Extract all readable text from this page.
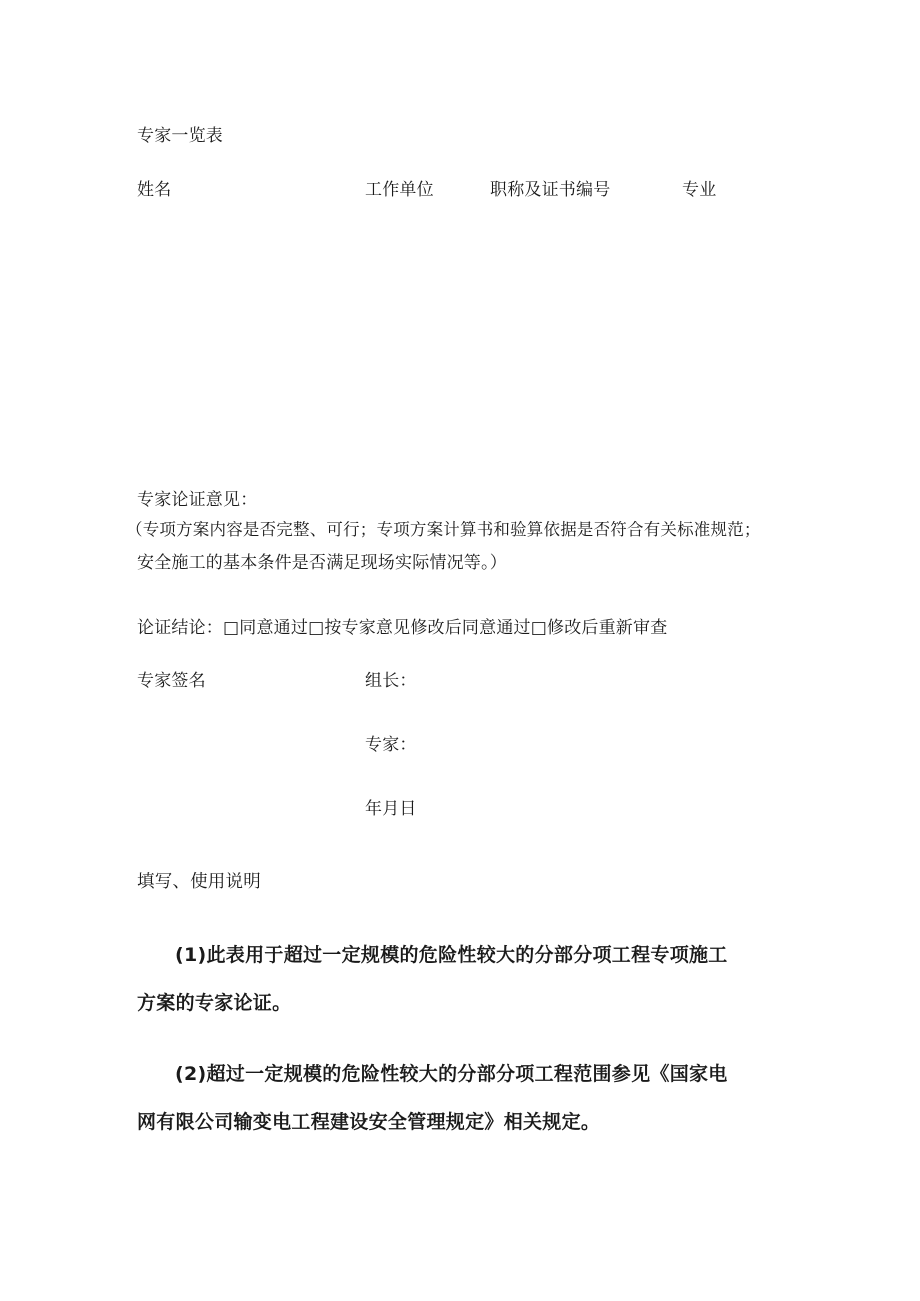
专家一览表
姓名	工作单位	职称及证书编号	专业
专家论证意见：
（专项方案内容是否完整、可行；专项方案计算书和验算依据是否符合有关标准规范；
安全施工的基本条件是否满足现场实际情况等。）
论证结论：□同意通过□按专家意见修改后同意通过□修改后重新审查
专家签名	组长：
专家：
年月日
填写、使用说明
(1)此表用于超过一定规模的危险性较大的分部分项工程专项施工
方案的专家论证。
(2)超过一定规模的危险性较大的分部分项工程范围参见《国家电
网有限公司输变电工程建设安全管理规定》相关规定。
